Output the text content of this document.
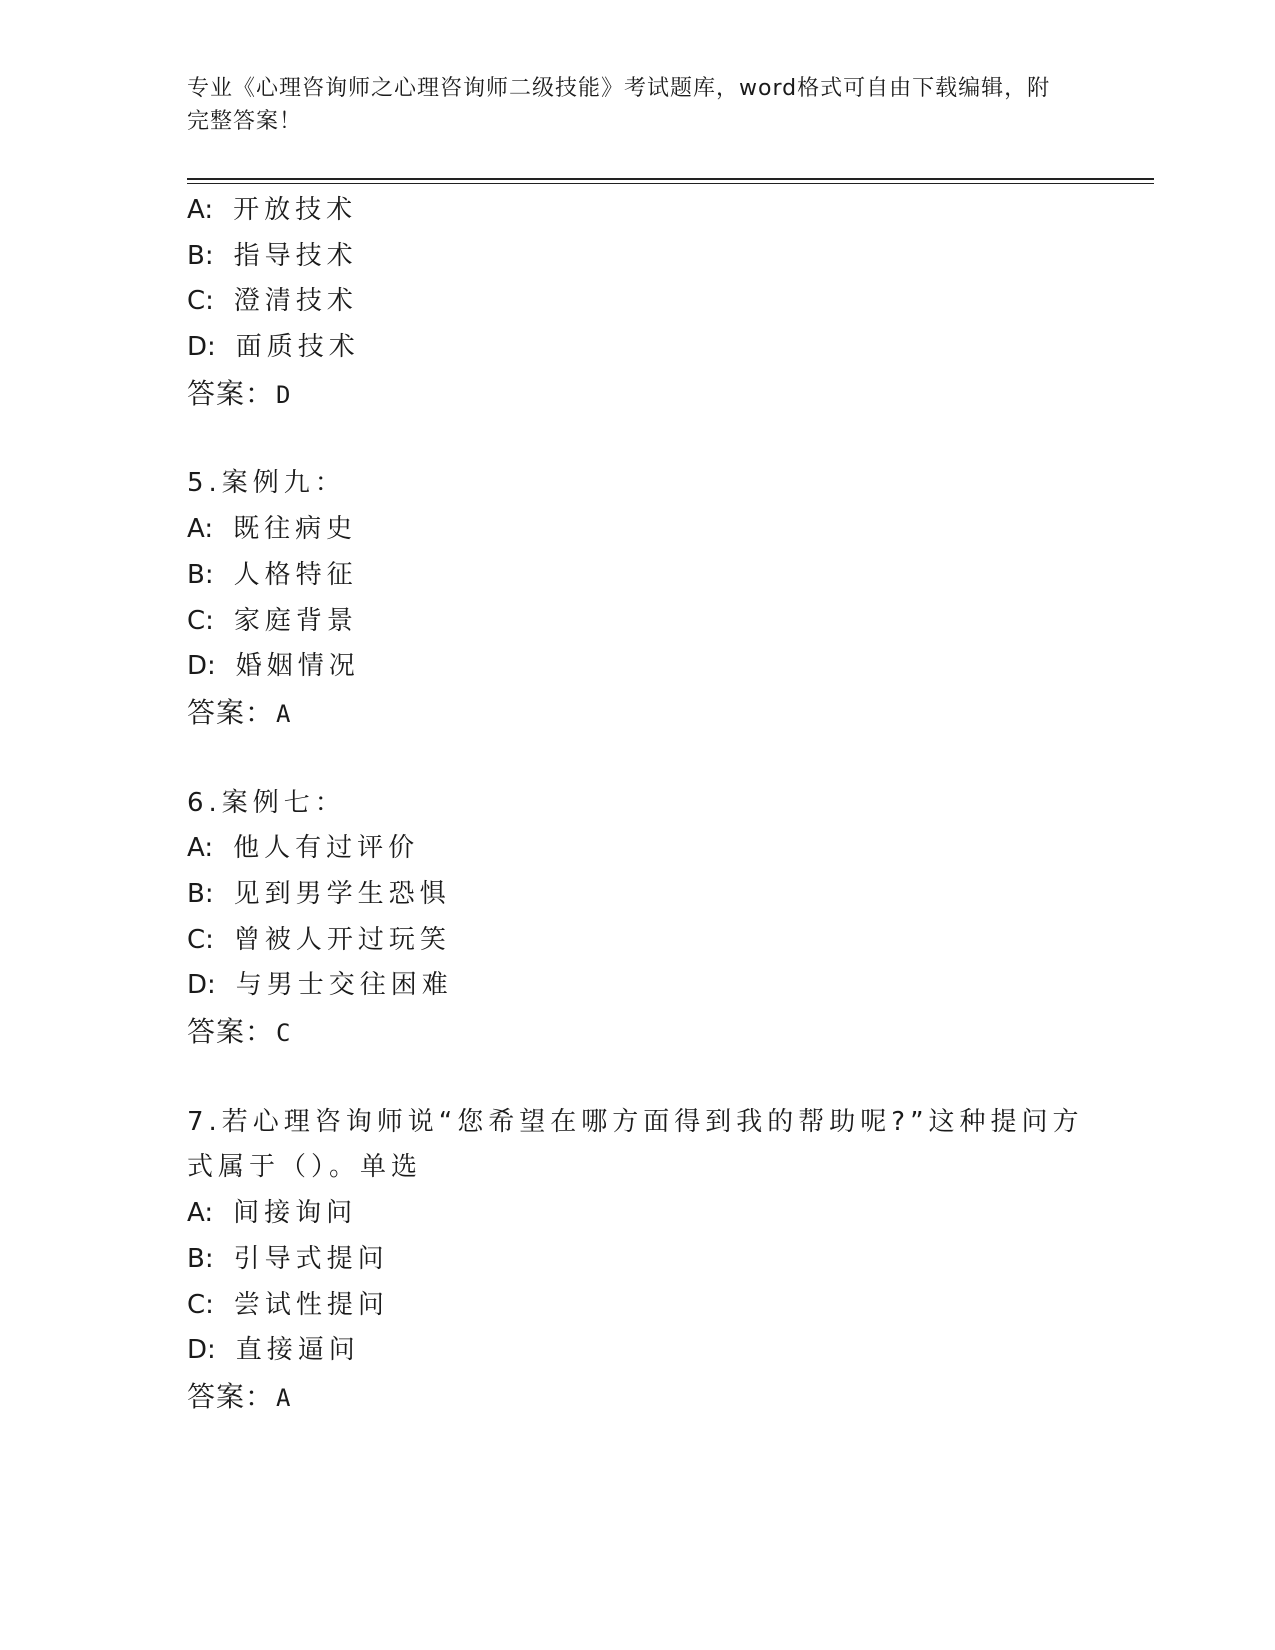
专业《心理咨询师之心理咨询师二级技能》考试题库，word格式可自由下载编辑，附完整答案！
A: 开放技术
B: 指导技术
C: 澄清技术
D: 面质技术
答案：D
5.案例九：
A: 既往病史
B: 人格特征
C: 家庭背景
D: 婚姻情况
答案：A
6.案例七：
A: 他人有过评价
B: 见到男学生恐惧
C: 曾被人开过玩笑
D: 与男士交往困难
答案：C
7.若心理咨询师说“您希望在哪方面得到我的帮助呢?”这种提问方式属于（）。单选
A: 间接询问
B: 引导式提问
C: 尝试性提问
D: 直接逼问
答案：A
